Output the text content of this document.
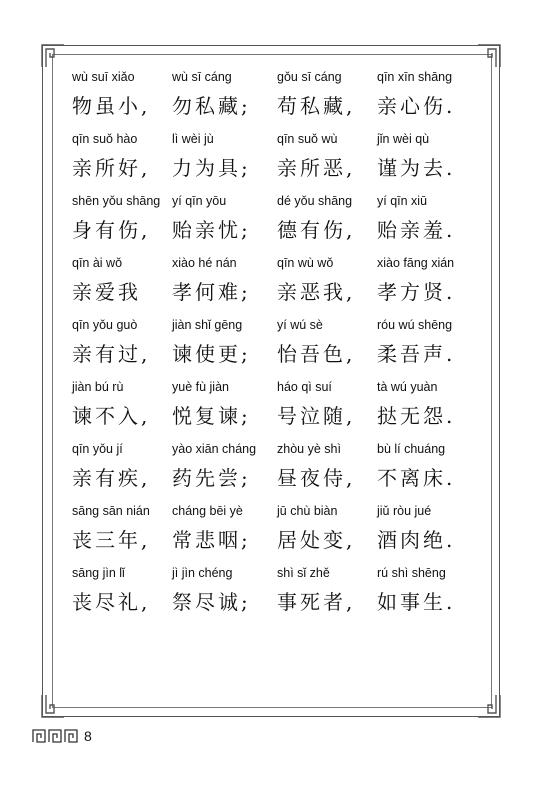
wù suī xiǎo
物虽小,
wù sī cáng
勿私藏;
gǒu sī cáng
苟私藏,
qīn xīn shāng
亲心伤.
qīn suǒ hào
亲所好,
lì wèi jù
力为具;
qīn suǒ wù
亲所恶,
jǐn wèi qù
谨为去.
shēn yǒu shāng
身有伤,
yí qīn yōu
贻亲忧;
dé yǒu shāng
德有伤,
yí qīn xiū
贻亲羞.
qīn ài wǒ
亲爱我
xiào hé nán
孝何难;
qīn wù wǒ
亲恶我,
xiào fāng xián
孝方贤.
qīn yǒu guò
亲有过,
jiàn shǐ gēng
谏使更;
yí wú sè
怡吾色,
róu wú shēng
柔吾声.
jiàn bú rù
谏不入,
yuè fù jiàn
悦复谏;
háo qì suí
号泣随,
tà wú yuàn
挞无怨.
qīn yǒu jí
亲有疾,
yào xiān cháng
药先尝;
zhòu yè shì
昼夜侍,
bù lí chuáng
不离床.
sāng sān nián
丧三年,
cháng bēi yè
常悲咽;
jū chù biàn
居处变,
jiǔ ròu jué
酒肉绝.
sāng jìn lǐ
丧尽礼,
jì jìn chéng
祭尽诚;
shì sǐ zhě
事死者,
rú shì shēng
如事生.
8
